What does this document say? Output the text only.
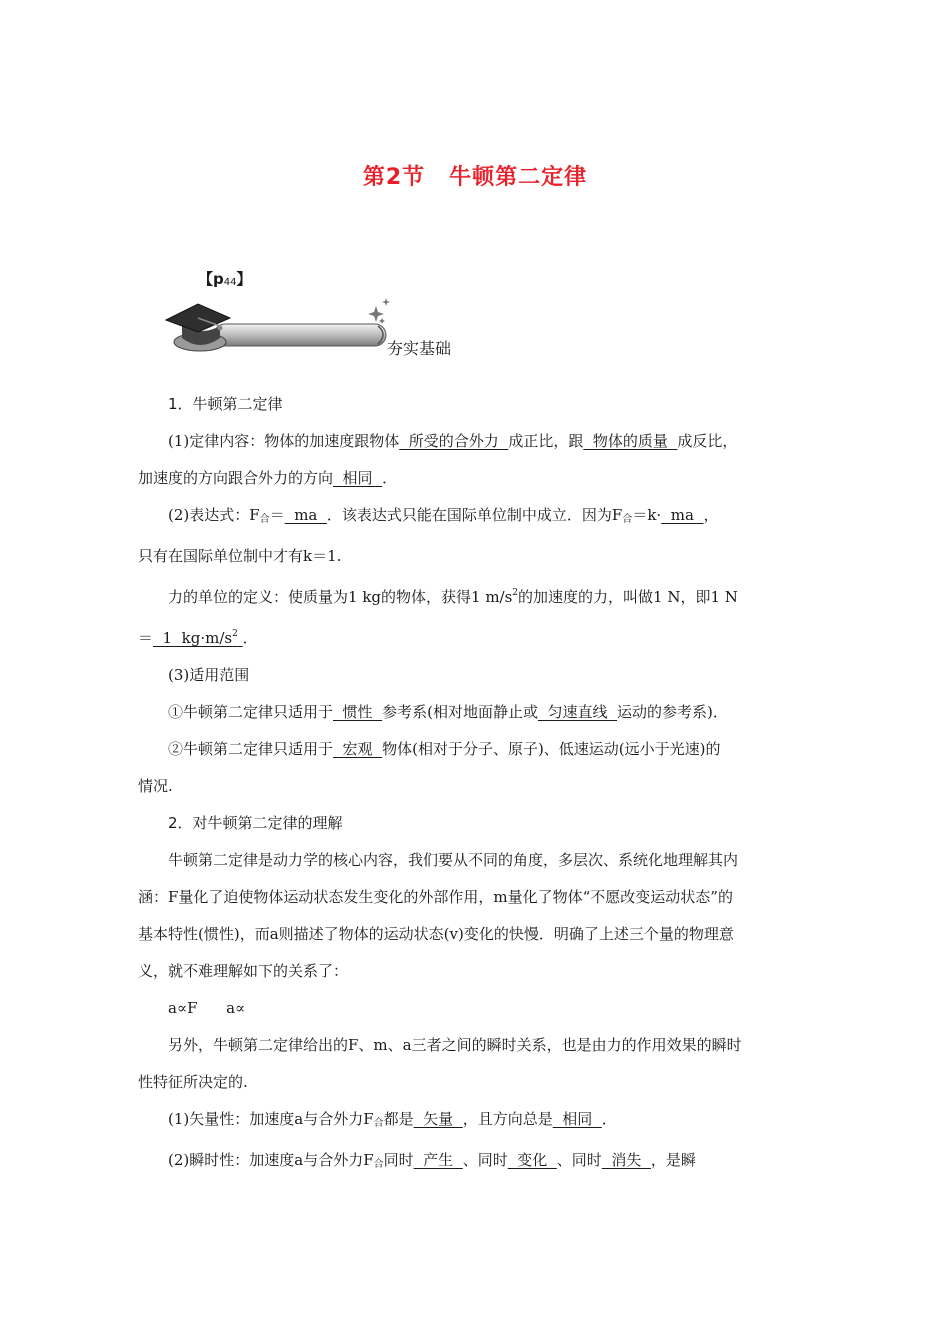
第2节 牛顿第二定律
【$p_{44}$】
夯实基础

1．牛顿第二定律

(1)定律内容：物体的加速度跟物体  所受的合外力  成正比，跟  物体的质量  成反比，

加速度的方向跟合外力的方向  相同  ．

(2)表达式：$F_合=$  ma  ．该表达式只能在国际单位制中成立．因为$F_合=k\cdot$  ma  ，

只有在国际单位制中才有k＝1.

力的单位的定义：使质量为1 kg的物体，获得1 $m/s^2$的加速度的力，叫做1 N，即1 N

＝  1  $kg\cdot m/s^2$ ．

(3)适用范围

①牛顿第二定律只适用于  惯性  参考系(相对地面静止或  匀速直线  运动的参考系)．

②牛顿第二定律只适用于  宏观  物体(相对于分子、原子)、低速运动(远小于光速)的

情况.

2．对牛顿第二定律的理解

牛顿第二定律是动力学的核心内容，我们要从不同的角度，多层次、系统化地理解其内

涵：F量化了迫使物体运动状态发生变化的外部作用，m量化了物体“不愿改变运动状态”的

基本特性(惯性)，而a则描述了物体的运动状态(v)变化的快慢．明确了上述三个量的物理意

义，就不难理解如下的关系了：

a∝F      a∝

另外，牛顿第二定律给出的F、m、a三者之间的瞬时关系，也是由力的作用效果的瞬时

性特征所决定的.

(1)矢量性：加速度a与合外力$F_合$都是  矢量  ，且方向总是  相同  ．

(2)瞬时性：加速度a与合外力$F_合$同时  产生  、同时  变化  、同时  消失  ，是瞬
